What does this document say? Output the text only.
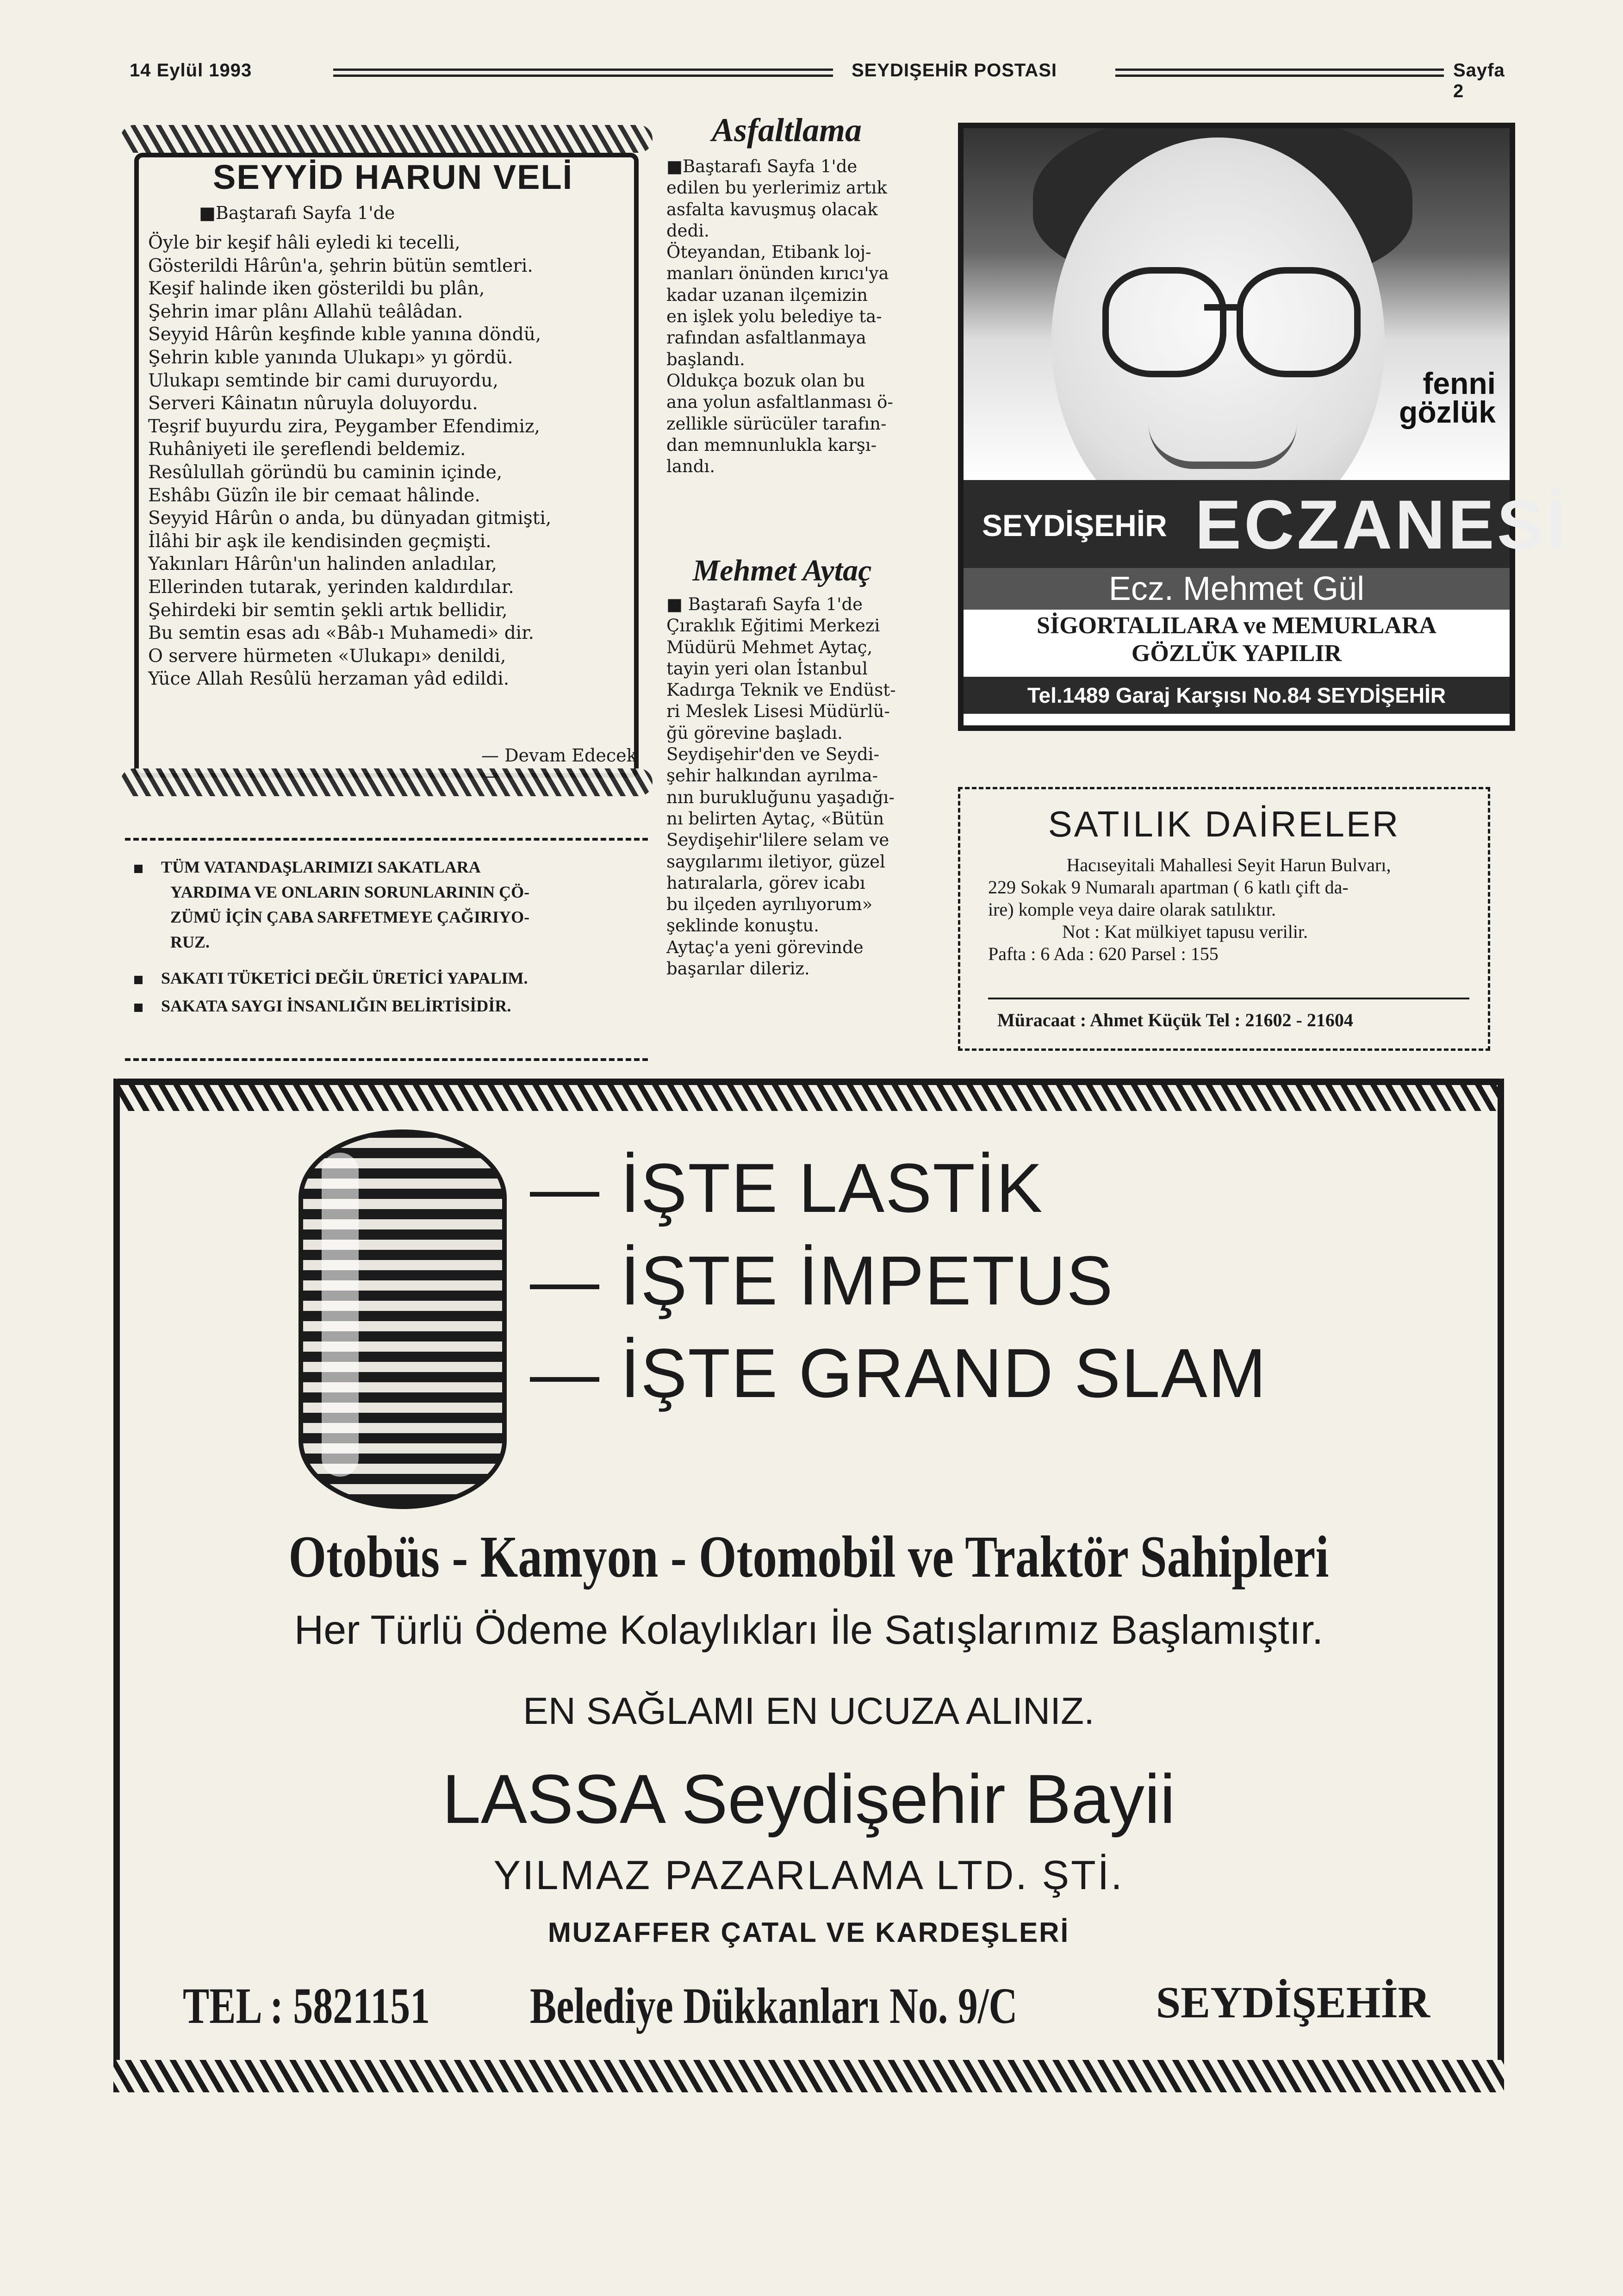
14 Eylül 1993	SEYDIŞEHİR POSTASI	Sayfa 2
SEYYİD HARUN VELİ
■Baştarafı Sayfa 1'de
Öyle bir keşif hâli eyledi ki tecelli,
Gösterildi Hârûn'a, şehrin bütün semtleri.
Keşif halinde iken gösterildi bu plân,
Şehrin imar plânı Allahü teâlâdan.
Seyyid Hârûn keşfinde kıble yanına döndü,
Şehrin kıble yanında Ulukapı» yı gördü.
Ulukapı semtinde bir cami duruyordu,
Serveri Kâinatın nûruyla doluyordu.
Teşrif buyurdu zira, Peygamber Efendimiz,
Ruhâniyeti ile şereflendi beldemiz.
Resûlullah göründü bu caminin içinde,
Eshâbı Güzîn ile bir cemaat hâlinde.
Seyyid Hârûn o anda, bu dünyadan gitmişti,
İlâhi bir aşk ile kendisinden geçmişti.
Yakınları Hârûn'un halinden anladılar,
Ellerinden tutarak, yerinden kaldırdılar.
Şehirdeki bir semtin şekli artık bellidir,
Bu semtin esas adı «Bâb-ı Muhamedi» dir.
O servere hürmeten «Ulukapı» denildi,
Yüce Allah Resûlü herzaman yâd edildi.
— Devam Edecek —
TÜM VATANDAŞLARIMIZI SAKATLARA
YARDIMA VE ONLARIN SORUNLARININ ÇÖ-
ZÜMÜ İÇİN ÇABA SARFETMEYE ÇAĞIRIYO-
RUZ.
SAKATI TÜKETİCİ DEĞİL ÜRETİCİ YAPALIM.
SAKATA SAYGI İNSANLIĞIN BELİRTİSİDİR.
Asfaltlama
■Baştarafı Sayfa 1'de
edilen bu yerlerimiz artık
asfalta kavuşmuş olacak
dedi.
Öteyandan, Etibank loj-
manları önünden kırıcı'ya
kadar uzanan ilçemizin
en işlek yolu belediye ta-
rafından asfaltlanmaya
başlandı.
Oldukça bozuk olan bu
ana yolun asfaltlanması ö-
zellikle sürücüler tarafın-
dan memnunlukla karşı-
landı.
Mehmet Aytaç
■ Baştarafı Sayfa 1'de
Çıraklık Eğitimi Merkezi
Müdürü Mehmet Aytaç,
tayin yeri olan İstanbul
Kadırga Teknik ve Endüst-
ri Meslek Lisesi Müdürlü-
ğü görevine başladı.
Seydişehir'den ve Seydi-
şehir halkından ayrılma-
nın burukluğunu yaşadığı-
nı belirten Aytaç, «Bütün
Seydişehir'lilere selam ve
saygılarımı iletiyor, güzel
hatıralarla, görev icabı
bu ilçeden ayrılıyorum»
şeklinde konuştu.
Aytaç'a yeni görevinde
başarılar dileriz.
fenni
gözlük
SEYDİŞEHİR ECZANESİ
Ecz. Mehmet Gül
SİGORTALILARA ve MEMURLARA
GÖZLÜK YAPILIR
Tel.1489 Garaj Karşısı No.84 SEYDİŞEHİR
SATILIK DAİRELER
Hacıseyitali Mahallesi Seyit Harun Bulvarı,
229 Sokak 9 Numaralı apartman ( 6 katlı çift da-
ire) komple veya daire olarak satılıktır.
Not : Kat mülkiyet tapusu verilir.
Pafta : 6 Ada : 620 Parsel : 155
Müracaat : Ahmet Küçük Tel : 21602 - 21604
— İŞTE LASTİK
— İŞTE İMPETUS
— İŞTE GRAND SLAM
Otobüs - Kamyon - Otomobil ve Traktör Sahipleri
Her Türlü Ödeme Kolaylıkları İle Satışlarımız Başlamıştır.
EN SAĞLAMI EN UCUZA ALINIZ.
LASSA Seydişehir Bayii
YILMAZ PAZARLAMA LTD. ŞTİ.
MUZAFFER ÇATAL VE KARDEŞLERİ
TEL : 5821151 Belediye Dükkanları No. 9/C	SEYDİŞEHİR
